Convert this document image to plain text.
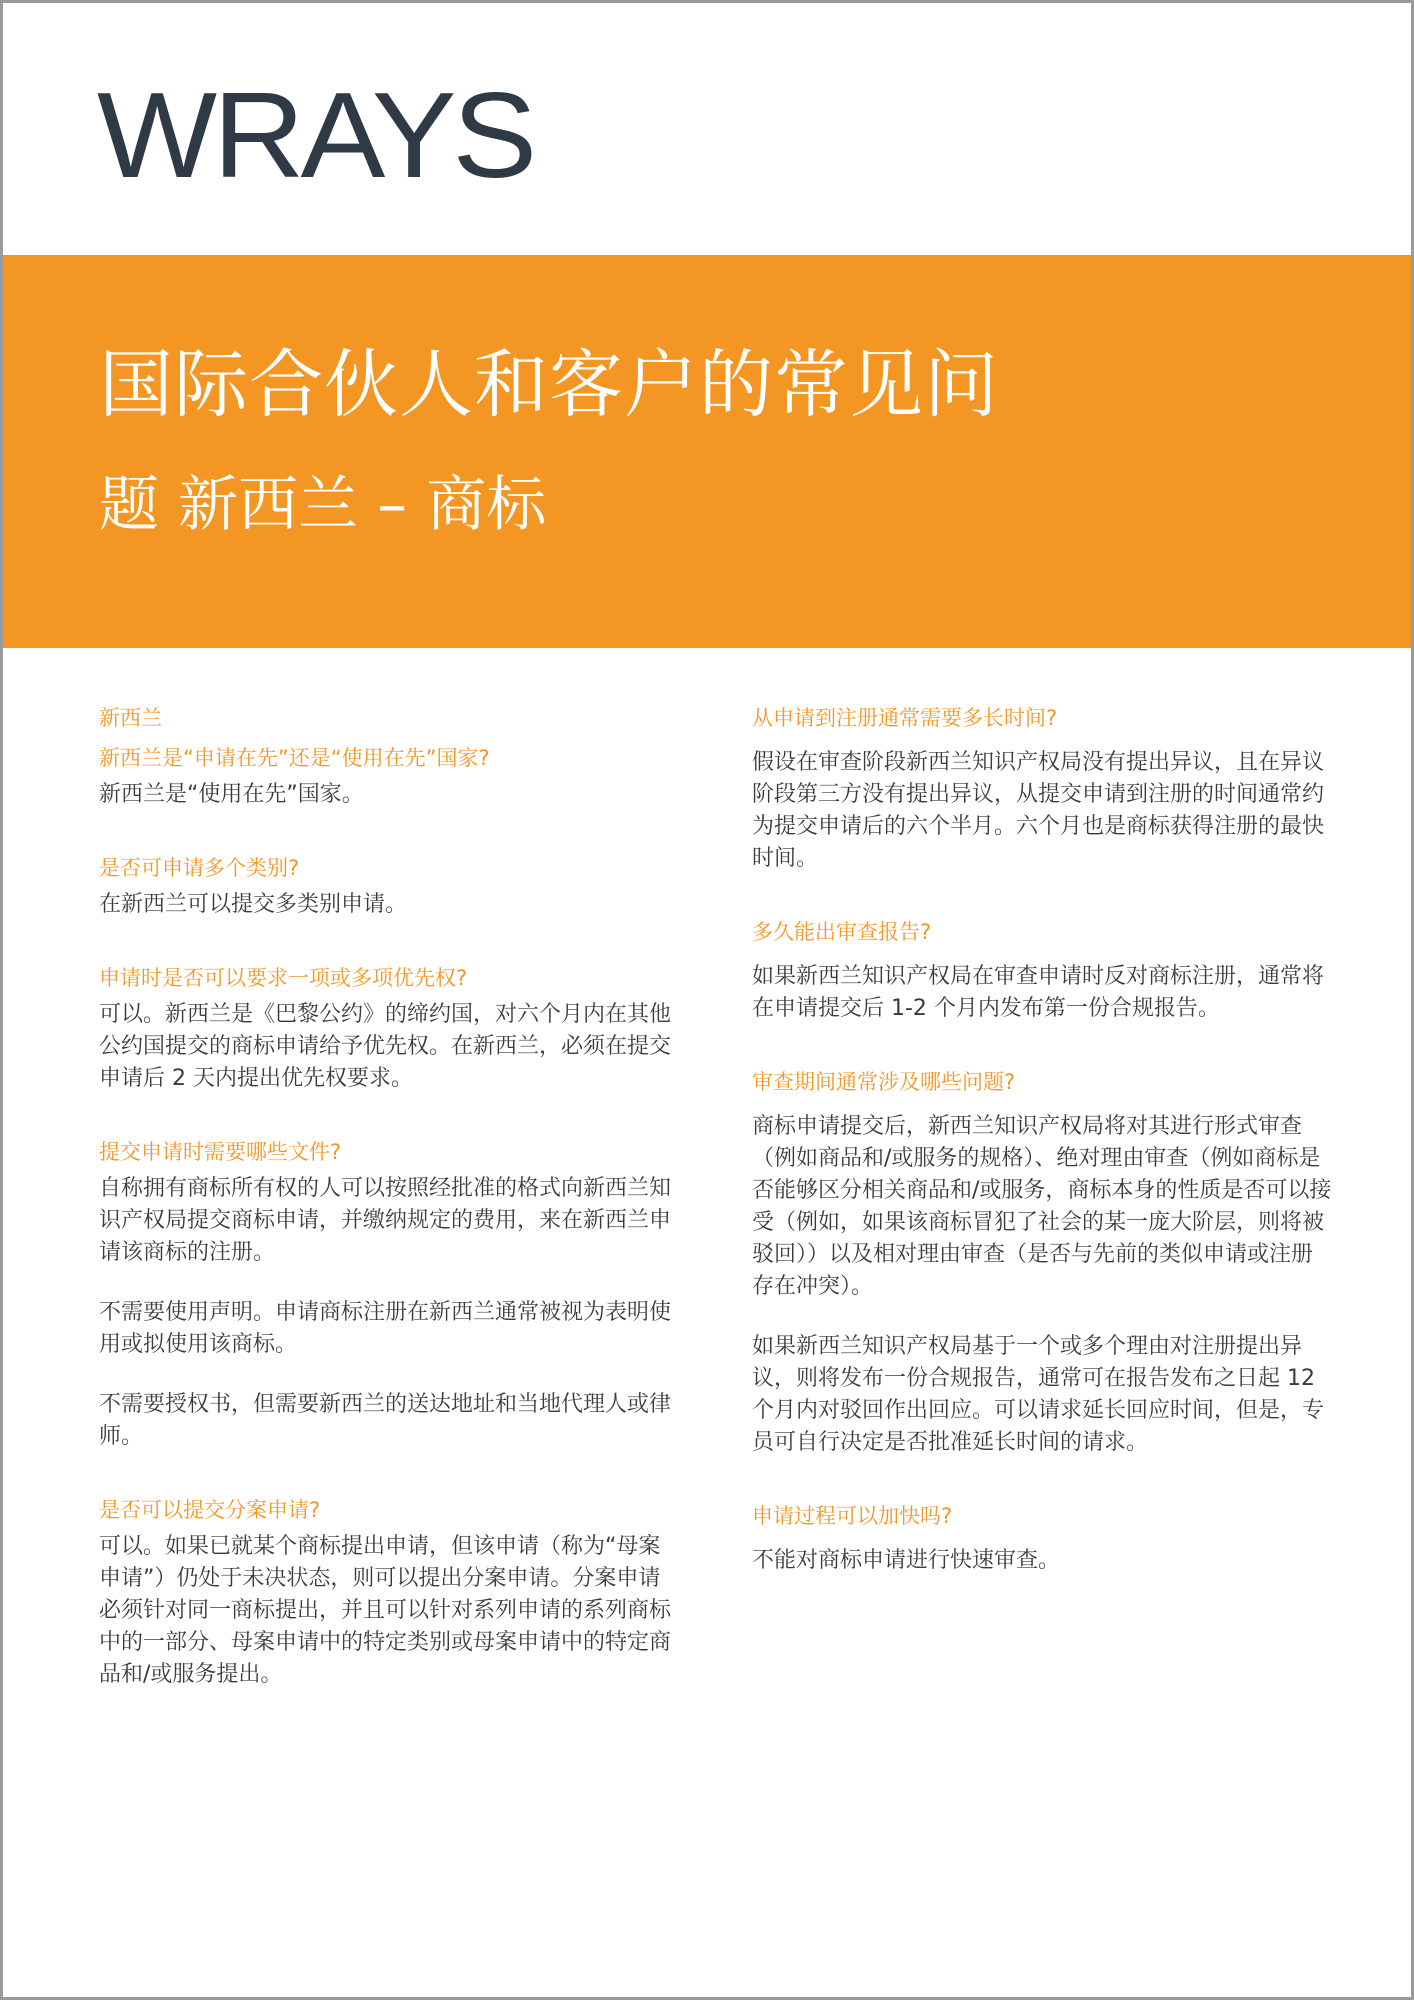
WRAYS
国际合伙人和客户的常见问
题 新西兰 – 商标
新西兰
新西兰是“申请在先”还是“使用在先”国家?

新西兰是“使用在先”国家。

是否可申请多个类别?

在新西兰可以提交多类别申请。

申请时是否可以要求一项或多项优先权?

可以。新西兰是《巴黎公约》的缔约国，对六个月内在其他公约国提交的商标申请给予优先权。在新西兰，必须在提交申请后 2 天内提出优先权要求。

提交申请时需要哪些文件?

自称拥有商标所有权的人可以按照经批准的格式向新西兰知识产权局提交商标申请，并缴纳规定的费用，来在新西兰申请该商标的注册。

不需要使用声明。申请商标注册在新西兰通常被视为表明使用或拟使用该商标。

不需要授权书，但需要新西兰的送达地址和当地代理人或律师。

是否可以提交分案申请?

可以。如果已就某个商标提出申请，但该申请（称为“母案申请”）仍处于未决状态，则可以提出分案申请。分案申请必须针对同一商标提出，并且可以针对系列申请的系列商标中的一部分、母案申请中的特定类别或母案申请中的特定商 品和/或服务提出。

从申请到注册通常需要多长时间?

假设在审查阶段新西兰知识产权局没有提出异议，且在异议阶段第三方没有提出异议，从提交申请到注册的时间通常约为提交申请后的六个半月。六个月也是商标获得注册的最快时间。

多久能出审查报告?

如果新西兰知识产权局在审查申请时反对商标注册，通常将在申请提交后 1-2 个月内发布第一份合规报告。

审查期间通常涉及哪些问题?

商标申请提交后，新西兰知识产权局将对其进行形式审查（例如商品和/或服务的规格）、绝对理由审查（例如商标是否能够区分相关商品和/或服务，商标本身的性质是否可以接受（例如，如果该商标冒犯了社会的某一庞大阶层，则将被驳回））以及相对理由审查（是否与先前的类似申请或注册存在冲突）。

如果新西兰知识产权局基于一个或多个理由对注册提出异议，则将发布一份合规报告，通常可在报告发布之日起 12 个月内对驳回作出回应。可以请求延长回应时间，但是，专员可自行决定是否批准延长时间的请求。

申请过程可以加快吗?

不能对商标申请进行快速审查。
